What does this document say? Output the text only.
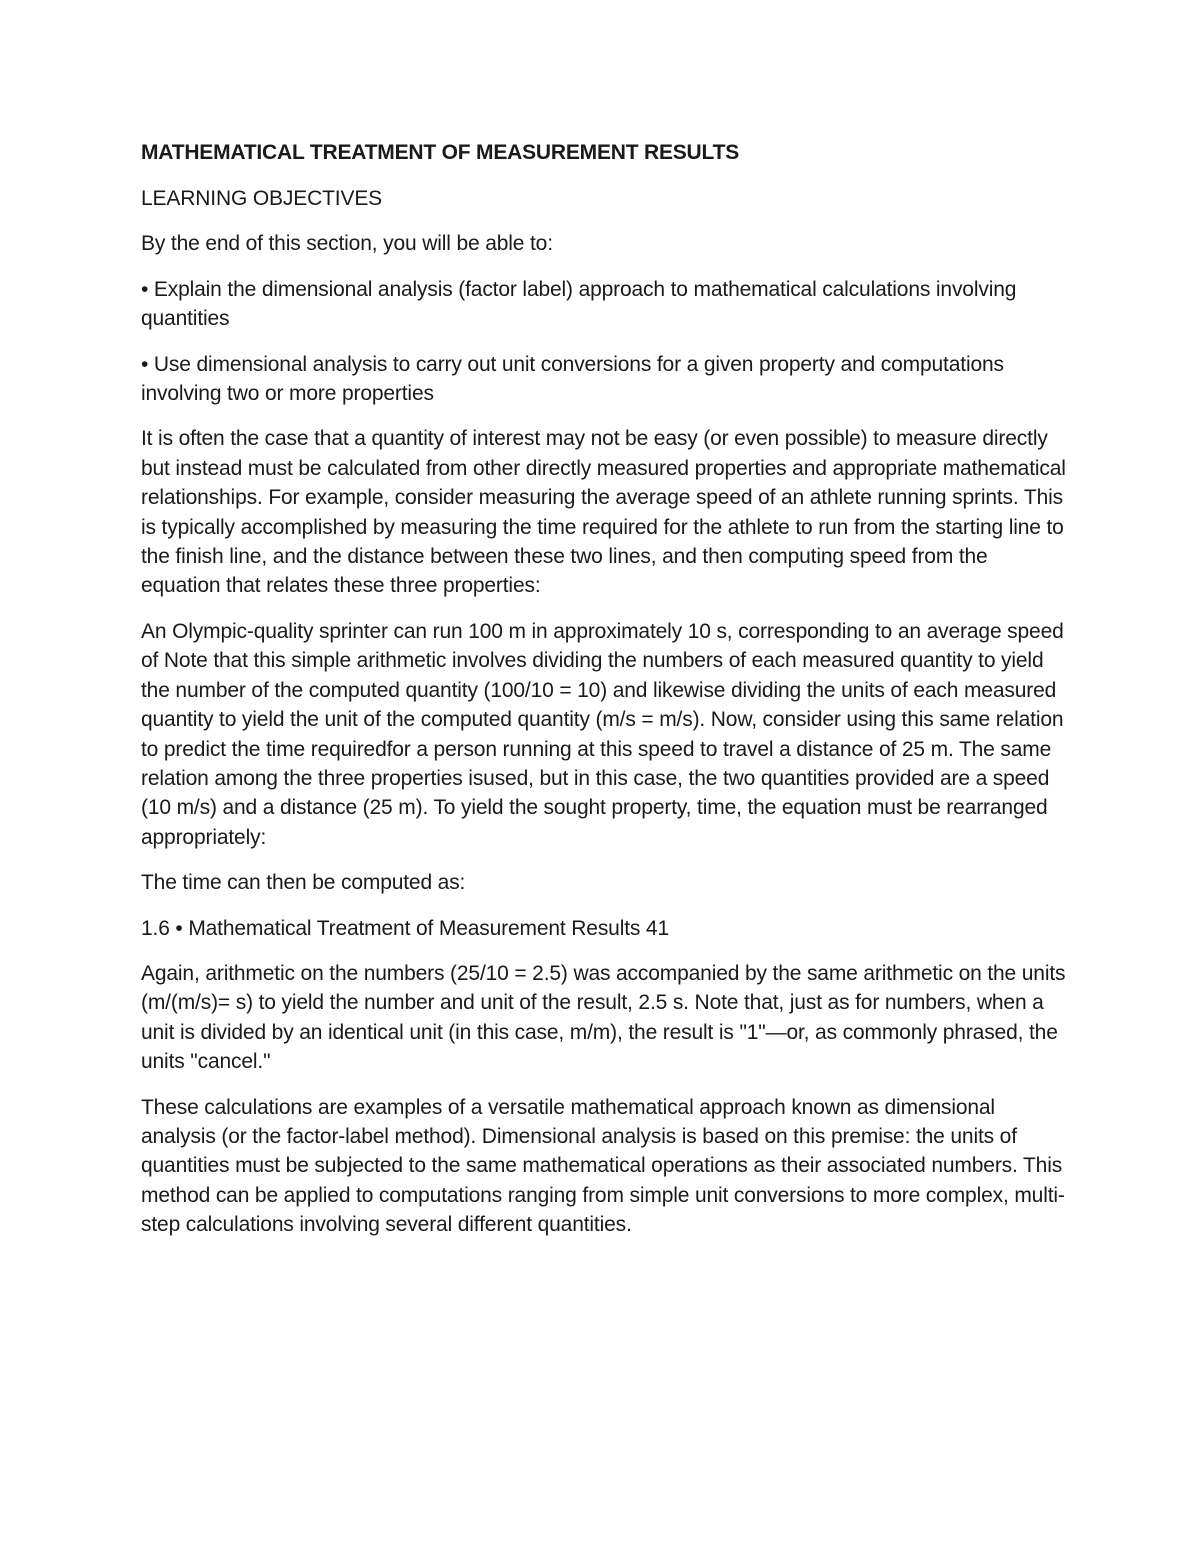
MATHEMATICAL TREATMENT OF MEASUREMENT RESULTS
LEARNING OBJECTIVES
By the end of this section, you will be able to:
• Explain the dimensional analysis (factor label) approach to mathematical calculations involving quantities
• Use dimensional analysis to carry out unit conversions for a given property and computations involving two or more properties
It is often the case that a quantity of interest may not be easy (or even possible) to measure directly but instead must be calculated from other directly measured properties and appropriate mathematical relationships. For example, consider measuring the average speed of an athlete running sprints. This is typically accomplished by measuring the time required for the athlete to run from the starting line to the finish line, and the distance between these two lines, and then computing speed from the equation that relates these three properties:
An Olympic-quality sprinter can run 100 m in approximately 10 s, corresponding to an average speed of Note that this simple arithmetic involves dividing the numbers of each measured quantity to yield the number of the computed quantity (100/10 = 10) and likewise dividing the units of each measured quantity to yield the unit of the computed quantity (m/s = m/s). Now, consider using this same relation to predict the time requiredfor a person running at this speed to travel a distance of 25 m. The same relation among the three properties isused, but in this case, the two quantities provided are a speed (10 m/s) and a distance (25 m). To yield the sought property, time, the equation must be rearranged appropriately:
The time can then be computed as:
1.6 • Mathematical Treatment of Measurement Results 41
Again, arithmetic on the numbers (25/10 = 2.5) was accompanied by the same arithmetic on the units (m/(m/s)= s) to yield the number and unit of the result, 2.5 s. Note that, just as for numbers, when a unit is divided by an identical unit (in this case, m/m), the result is "1"—or, as commonly phrased, the units "cancel."
These calculations are examples of a versatile mathematical approach known as dimensional analysis (or the factor-label method). Dimensional analysis is based on this premise: the units of quantities must be subjected to the same mathematical operations as their associated numbers. This method can be applied to computations ranging from simple unit conversions to more complex, multi-step calculations involving several different quantities.
